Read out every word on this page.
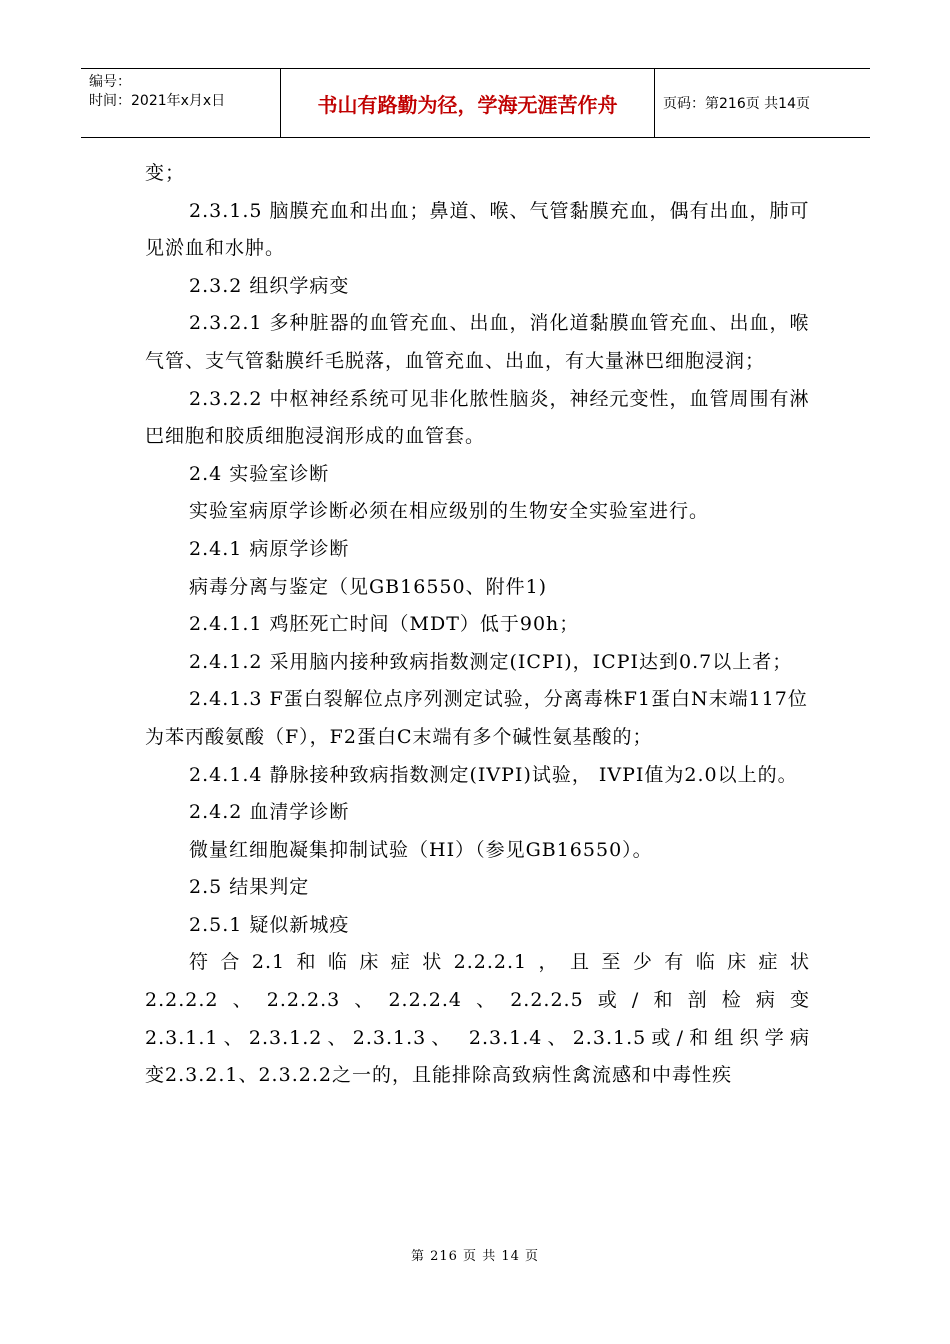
编号：
时间：2021年x月x日	书山有路勤为径，学海无涯苦作舟	页码：第216页 共14页

变；

2.3.1.5 脑膜充血和出血；鼻道、喉、气管黏膜充血，偶有出血，肺可见淤血和水肿。

2.3.2 组织学病变

2.3.2.1 多种脏器的血管充血、出血，消化道黏膜血管充血、出血，喉气管、支气管黏膜纤毛脱落，血管充血、出血，有大量淋巴细胞浸润；

2.3.2.2 中枢神经系统可见非化脓性脑炎，神经元变性，血管周围有淋巴细胞和胶质细胞浸润形成的血管套。

2.4 实验室诊断

实验室病原学诊断必须在相应级别的生物安全实验室进行。

2.4.1 病原学诊断

病毒分离与鉴定（见GB16550、附件1)

2.4.1.1 鸡胚死亡时间（MDT）低于90h；

2.4.1.2 采用脑内接种致病指数测定(ICPI)，ICPI达到0.7以上者；

2.4.1.3 F蛋白裂解位点序列测定试验，分离毒株F1蛋白N末端117位为苯丙酸氨酸（F），F2蛋白C末端有多个碱性氨基酸的；

2.4.1.4 静脉接种致病指数测定(IVPI)试验， IVPI值为2.0以上的。

2.4.2 血清学诊断

微量红细胞凝集抑制试验（HI）（参见GB16550）。

2.5 结果判定

2.5.1 疑似新城疫

符合2.1和临床症状2.2.2.1，且至少有临床症状

2.2.2.2、2.2.2.3、2.2.2.4、2.2.2.5或/和剖检病变

2.3.1.1、2.3.1.2、2.3.1.3、 2.3.1.4、2.3.1.5或/和组织学病

变2.3.2.1、2.3.2.2之一的，且能排除高致病性禽流感和中毒性疾

第 216 页 共 14 页
